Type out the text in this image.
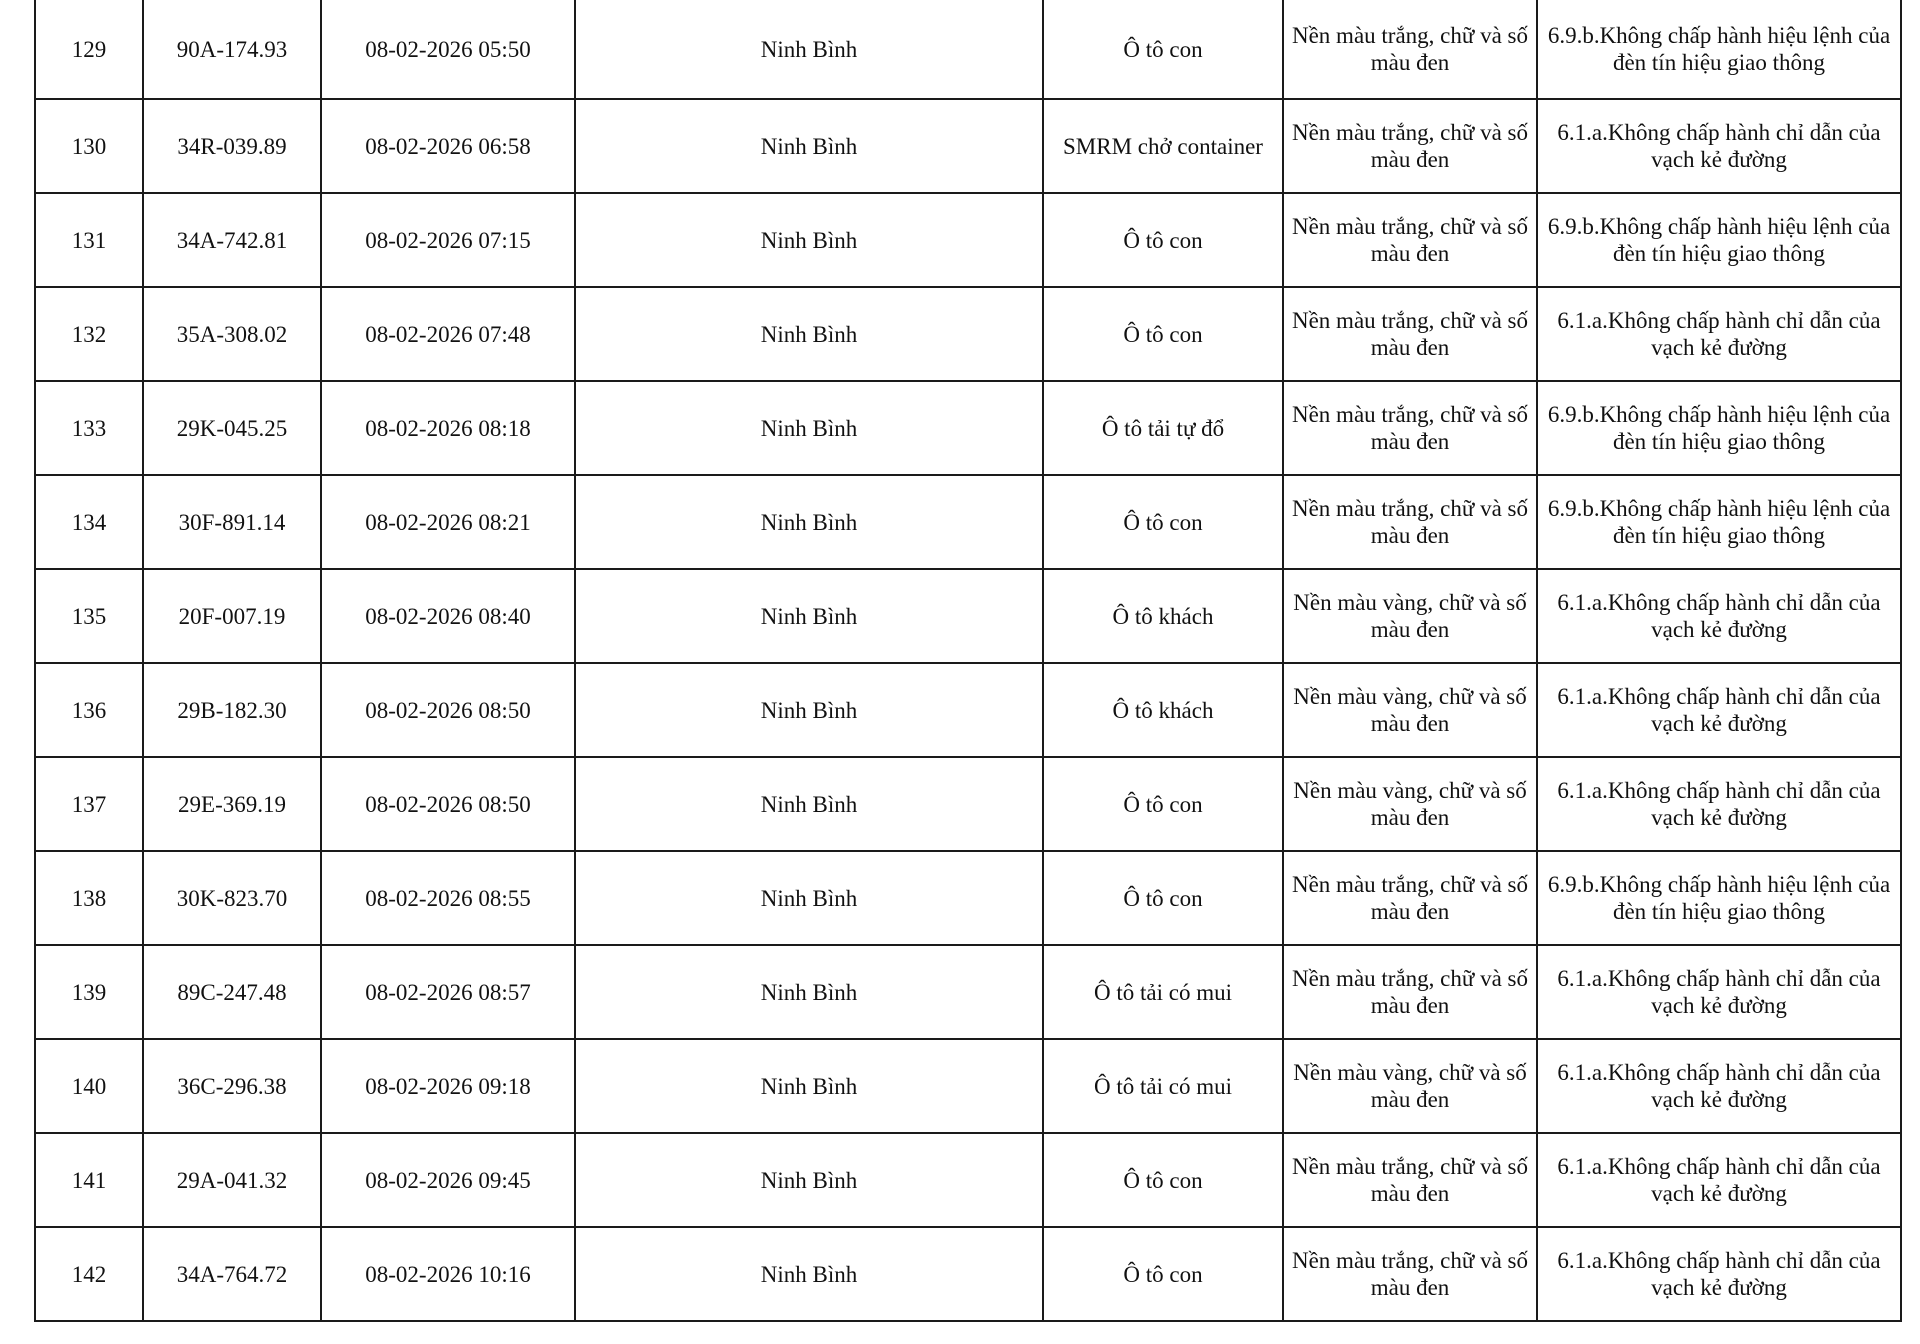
129	90A-174.93	08-02-2026 05:50	Ninh Bình	Ô tô con	Nền màu trắng, chữ và số màu đen	6.9.b.Không chấp hành hiệu lệnh của đèn tín hiệu giao thông
130	34R-039.89	08-02-2026 06:58	Ninh Bình	SMRM chở container	Nền màu trắng, chữ và số màu đen	6.1.a.Không chấp hành chỉ dẫn của vạch kẻ đường
131	34A-742.81	08-02-2026 07:15	Ninh Bình	Ô tô con	Nền màu trắng, chữ và số màu đen	6.9.b.Không chấp hành hiệu lệnh của đèn tín hiệu giao thông
132	35A-308.02	08-02-2026 07:48	Ninh Bình	Ô tô con	Nền màu trắng, chữ và số màu đen	6.1.a.Không chấp hành chỉ dẫn của vạch kẻ đường
133	29K-045.25	08-02-2026 08:18	Ninh Bình	Ô tô tải tự đổ	Nền màu trắng, chữ và số màu đen	6.9.b.Không chấp hành hiệu lệnh của đèn tín hiệu giao thông
134	30F-891.14	08-02-2026 08:21	Ninh Bình	Ô tô con	Nền màu trắng, chữ và số màu đen	6.9.b.Không chấp hành hiệu lệnh của đèn tín hiệu giao thông
135	20F-007.19	08-02-2026 08:40	Ninh Bình	Ô tô khách	Nền màu vàng, chữ và số màu đen	6.1.a.Không chấp hành chỉ dẫn của vạch kẻ đường
136	29B-182.30	08-02-2026 08:50	Ninh Bình	Ô tô khách	Nền màu vàng, chữ và số màu đen	6.1.a.Không chấp hành chỉ dẫn của vạch kẻ đường
137	29E-369.19	08-02-2026 08:50	Ninh Bình	Ô tô con	Nền màu vàng, chữ và số màu đen	6.1.a.Không chấp hành chỉ dẫn của vạch kẻ đường
138	30K-823.70	08-02-2026 08:55	Ninh Bình	Ô tô con	Nền màu trắng, chữ và số màu đen	6.9.b.Không chấp hành hiệu lệnh của đèn tín hiệu giao thông
139	89C-247.48	08-02-2026 08:57	Ninh Bình	Ô tô tải có mui	Nền màu trắng, chữ và số màu đen	6.1.a.Không chấp hành chỉ dẫn của vạch kẻ đường
140	36C-296.38	08-02-2026 09:18	Ninh Bình	Ô tô tải có mui	Nền màu vàng, chữ và số màu đen	6.1.a.Không chấp hành chỉ dẫn của vạch kẻ đường
141	29A-041.32	08-02-2026 09:45	Ninh Bình	Ô tô con	Nền màu trắng, chữ và số màu đen	6.1.a.Không chấp hành chỉ dẫn của vạch kẻ đường
142	34A-764.72	08-02-2026 10:16	Ninh Bình	Ô tô con	Nền màu trắng, chữ và số màu đen	6.1.a.Không chấp hành chỉ dẫn của vạch kẻ đường
